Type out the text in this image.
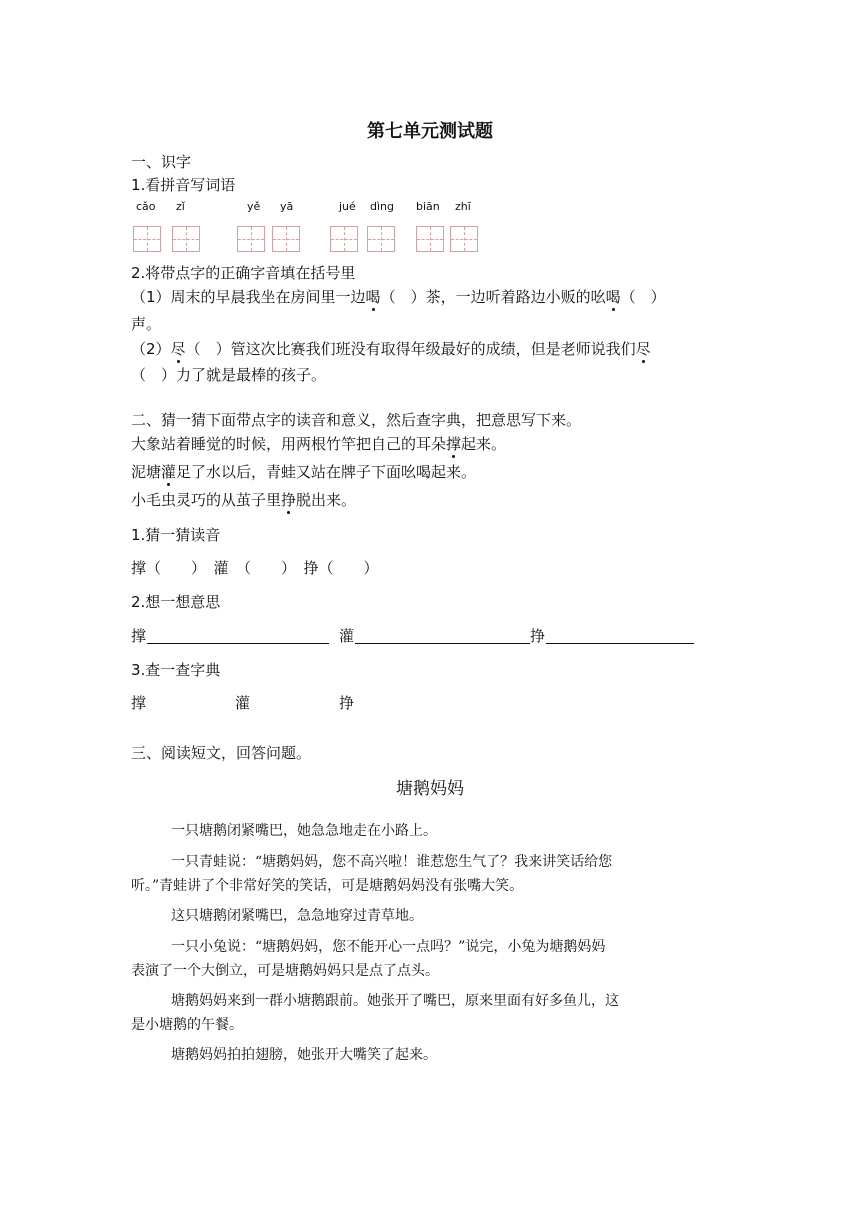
第七单元测试题
一、识字
1.看拼音写词语
cǎo zǐ	yě yā	jué dìng biān zhī
2.将带点字的正确字音填在括号里
（1）周末的早晨我坐在房间里一边喝（　）茶，一边听着路边小贩的吆喝（　）
声。
（2）尽（　）管这次比赛我们班没有取得年级最好的成绩，但是老师说我们尽
（　）力了就是最棒的孩子。
二、猜一猜下面带点字的读音和意义，然后查字典，把意思写下来。
大象站着睡觉的时候，用两根竹竿把自己的耳朵撑起来。
泥塘灌足了水以后，青蛙又站在牌子下面吆喝起来。
小毛虫灵巧的从茧子里挣脱出来。
1.猜一猜读音
撑（　　）　灌　（　　）　挣（　　）
2.想一想意思
撑	灌	挣
3.查一查字典
撑	灌	挣
三、阅读短文，回答问题。
塘鹅妈妈
一只塘鹅闭紧嘴巴，她急急地走在小路上。
一只青蛙说：“塘鹅妈妈，您不高兴啦！谁惹您生气了？我来讲笑话给您
听。”青蛙讲了个非常好笑的笑话，可是塘鹅妈妈没有张嘴大笑。
这只塘鹅闭紧嘴巴，急急地穿过青草地。
一只小兔说：“塘鹅妈妈，您不能开心一点吗？”说完，小兔为塘鹅妈妈
表演了一个大倒立，可是塘鹅妈妈只是点了点头。
塘鹅妈妈来到一群小塘鹅跟前。她张开了嘴巴，原来里面有好多鱼儿，这
是小塘鹅的午餐。
塘鹅妈妈拍拍翅膀，她张开大嘴笑了起来。
